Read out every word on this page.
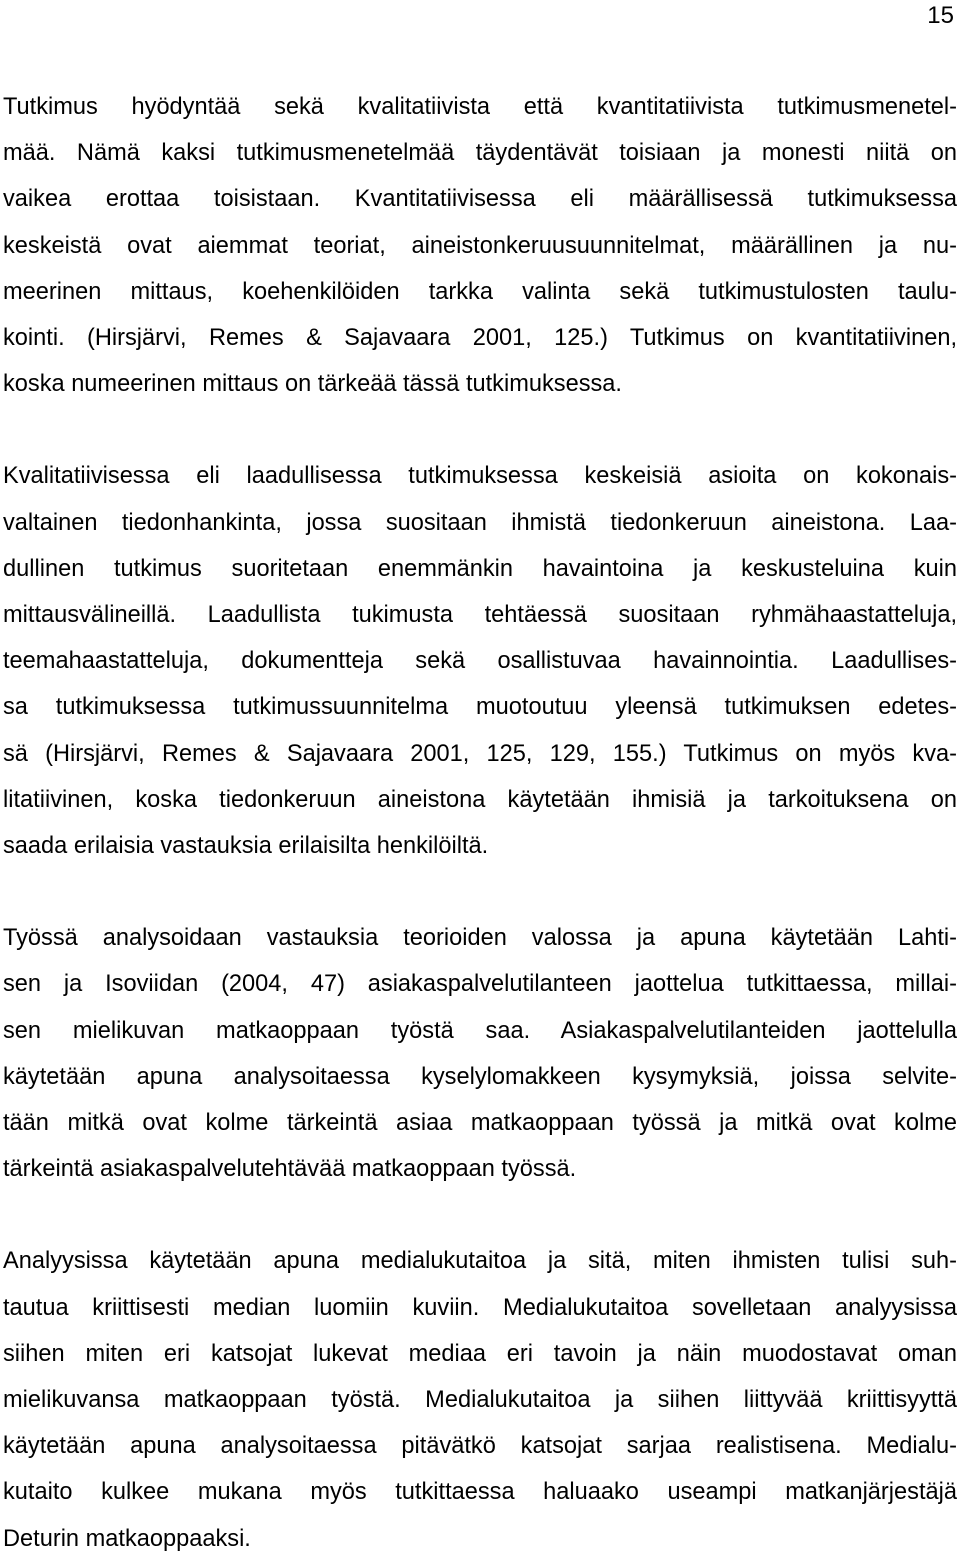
15

Tutkimus hyödyntää sekä kvalitatiivista että kvantitatiivista tutkimusmenetel-
mää. Nämä kaksi tutkimusmenetelmää täydentävät toisiaan ja monesti niitä on
vaikea erottaa toisistaan. Kvantitatiivisessa eli määrällisessä tutkimuksessa
keskeistä ovat aiemmat teoriat, aineistonkeruusuunnitelmat, määrällinen ja nu-
meerinen mittaus, koehenkilöiden tarkka valinta sekä tutkimustulosten taulu-
kointi. (Hirsjärvi, Remes & Sajavaara 2001, 125.) Tutkimus on kvantitatiivinen,
koska numeerinen mittaus on tärkeää tässä tutkimuksessa.

Kvalitatiivisessa eli laadullisessa tutkimuksessa keskeisiä asioita on kokonais-
valtainen tiedonhankinta, jossa suositaan ihmistä tiedonkeruun aineistona. Laa-
dullinen tutkimus suoritetaan enemmänkin havaintoina ja keskusteluina kuin
mittausvälineillä. Laadullista tukimusta tehtäessä suositaan ryhmähaastatteluja,
teemahaastatteluja, dokumentteja sekä osallistuvaa havainnointia. Laadullises-
sa tutkimuksessa tutkimussuunnitelma muotoutuu yleensä tutkimuksen edetes-
sä (Hirsjärvi, Remes & Sajavaara 2001, 125, 129, 155.) Tutkimus on myös kva-
litatiivinen, koska tiedonkeruun aineistona käytetään ihmisiä ja tarkoituksena on
saada erilaisia vastauksia erilaisilta henkilöiltä.

Työssä analysoidaan vastauksia teorioiden valossa ja apuna käytetään Lahti-
sen ja Isoviidan (2004, 47) asiakaspalvelutilanteen jaottelua tutkittaessa, millai-
sen mielikuvan matkaoppaan työstä saa. Asiakaspalvelutilanteiden jaottelulla
käytetään apuna analysoitaessa kyselylomakkeen kysymyksiä, joissa selvite-
tään mitkä ovat kolme tärkeintä asiaa matkaoppaan työssä ja mitkä ovat kolme
tärkeintä asiakaspalvelutehtävää matkaoppaan työssä.

Analyysissa käytetään apuna medialukutaitoa ja sitä, miten ihmisten tulisi suh-
tautua kriittisesti median luomiin kuviin. Medialukutaitoa sovelletaan analyysissa
siihen miten eri katsojat lukevat mediaa eri tavoin ja näin muodostavat oman
mielikuvansa matkaoppaan työstä. Medialukutaitoa ja siihen liittyvää kriittisyyttä
käytetään apuna analysoitaessa pitävätkö katsojat sarjaa realistisena. Medialu-
kutaito kulkee mukana myös tutkittaessa haluaako useampi matkanjärjestäjä
Deturin matkaoppaaksi.
